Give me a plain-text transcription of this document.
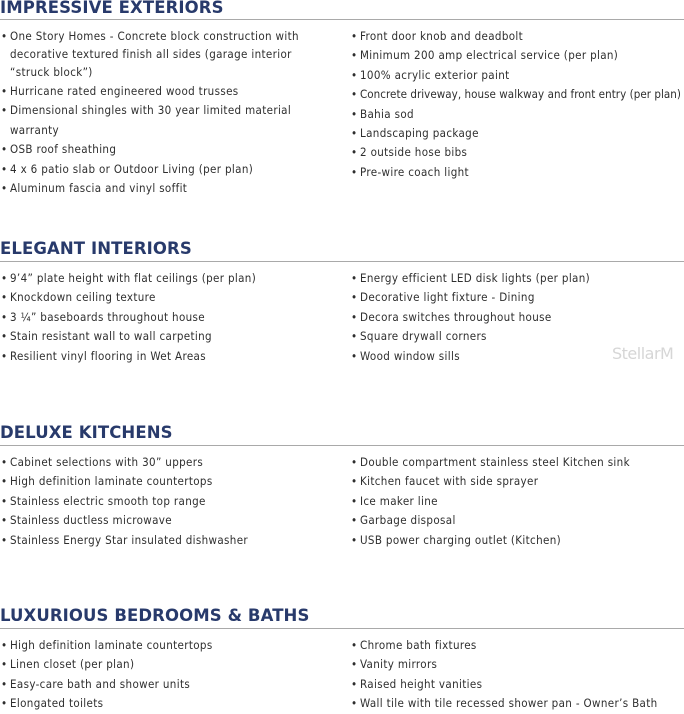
IMPRESSIVE EXTERIORS
• One Story Homes - Concrete block construction with decorative textured finish all sides (garage interior “struck block”)
• Hurricane rated engineered wood trusses
• Dimensional shingles with 30 year limited material warranty
• OSB roof sheathing
• 4 x 6 patio slab or Outdoor Living (per plan)
• Aluminum fascia and vinyl soffit
• Front door knob and deadbolt
• Minimum 200 amp electrical service (per plan)
• 100% acrylic exterior paint
• Concrete driveway, house walkway and front entry (per plan)
• Bahia sod
• Landscaping package
• 2 outside hose bibs
• Pre-wire coach light
ELEGANT INTERIORS
• 9’4” plate height with flat ceilings (per plan)
• Knockdown ceiling texture
• 3 ¼” baseboards throughout house
• Stain resistant wall to wall carpeting
• Resilient vinyl flooring in Wet Areas
• Energy efficient LED disk lights (per plan)
• Decorative light fixture - Dining
• Decora switches throughout house
• Square drywall corners
• Wood window sills	StellarM
DELUXE KITCHENS
• Cabinet selections with 30” uppers
• High definition laminate countertops
• Stainless electric smooth top range
• Stainless ductless microwave
• Stainless Energy Star insulated dishwasher
• Double compartment stainless steel Kitchen sink
• Kitchen faucet with side sprayer
• Ice maker line
• Garbage disposal
• USB power charging outlet (Kitchen)
LUXURIOUS BEDROOMS & BATHS
• High definition laminate countertops
• Linen closet (per plan)
• Easy-care bath and shower units
• Elongated toilets
• Chrome bath fixtures
• Vanity mirrors
• Raised height vanities
• Wall tile with tile recessed shower pan - Owner’s Bath
